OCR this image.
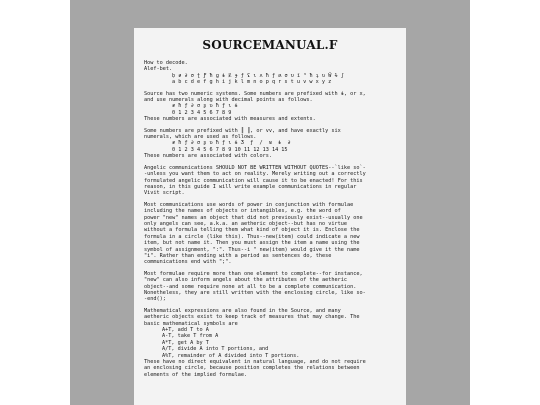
SOURCEMANUAL.F
How to decode.
Alef-bet.
ḅ ƶ ∂ σ ʈ Ƒ ħ ɡ ɨ Ɇ ɟ ƒ ʢ ɩ ʌ ħ ƒ ʍ σ υ ĩ ³ ħ ʇ ʋ Ẅ ɫ ʃ
a b c d e f g h i j k l m n o p q r s t u v w x y z
Source has two numeric systems. Some numbers are prefixed with ɨ, or x,
and use numerals along with decimal points as follows.
ƶ ħ ƒ ∂ σ ʂ ʋ ħ ƒ ɩ ɨ
0 1 2 3 4 5 6 7 8 9
These numbers are associated with measures and extents.
Some numbers are prefixed with ║ ║, or vv, and have exactly six
numerals, which are used as follows.
ƶ ħ ƒ ∂ σ ʂ ʋ ħ ƒ ɩ ɨ Ʒ  ƒ  /  ʍ  ɨ  ∂
0 1 2 3 4 5 6 7 8 9 10 11 12 13 14 15
These numbers are associated with colors.
Angelic communications SHOULD NOT BE WRITTEN WITHOUT QUOTES--`like so`-
-unless you want them to act on reality. Merely writing out a correctly
formulated angelic communication will cause it to be enacted! For this
reason, in this guide I will write example communications in regular
Vivit script.
Most communications use words of power in conjunction with formulae
including the names of objects or intangibles, e.g. the word of
power "new" names an object that did not previously exist--usually one
only angels can see, a.k.a. an aetheric object--but has no virtue
without a formula telling them what kind of object it is. Enclose the
formula in a circle (like this). Thus--new(item) could indicate a new
item, but not name it. Then you must assign the item a name using the
symbol of assignment, ":". Thus--i " new(item) would give it the name
"i". Rather than ending with a period as sentences do, these
communications end with ";".
Most formulae require more than one element to complete--for instance,
"new" can also inform angels about the attributes of the aetheric
object--and some require none at all to be a complete communication.
Nonetheless, they are still written with the enclosing circle, like so-
-end();
Mathematical expressions are also found in the Source, and many
aetheric objects exist to keep track of measures that may change. The
basic mathematical symbols are
A+T, add T to A
A-T, take T from A
A*T, get A by T
A/T, divide A into T portions, and
A%T, remainder of A divided into T portions.
These have no direct equivalent in natural language, and do not require
an enclosing circle, because position completes the relations between
elements of the implied formulae.
